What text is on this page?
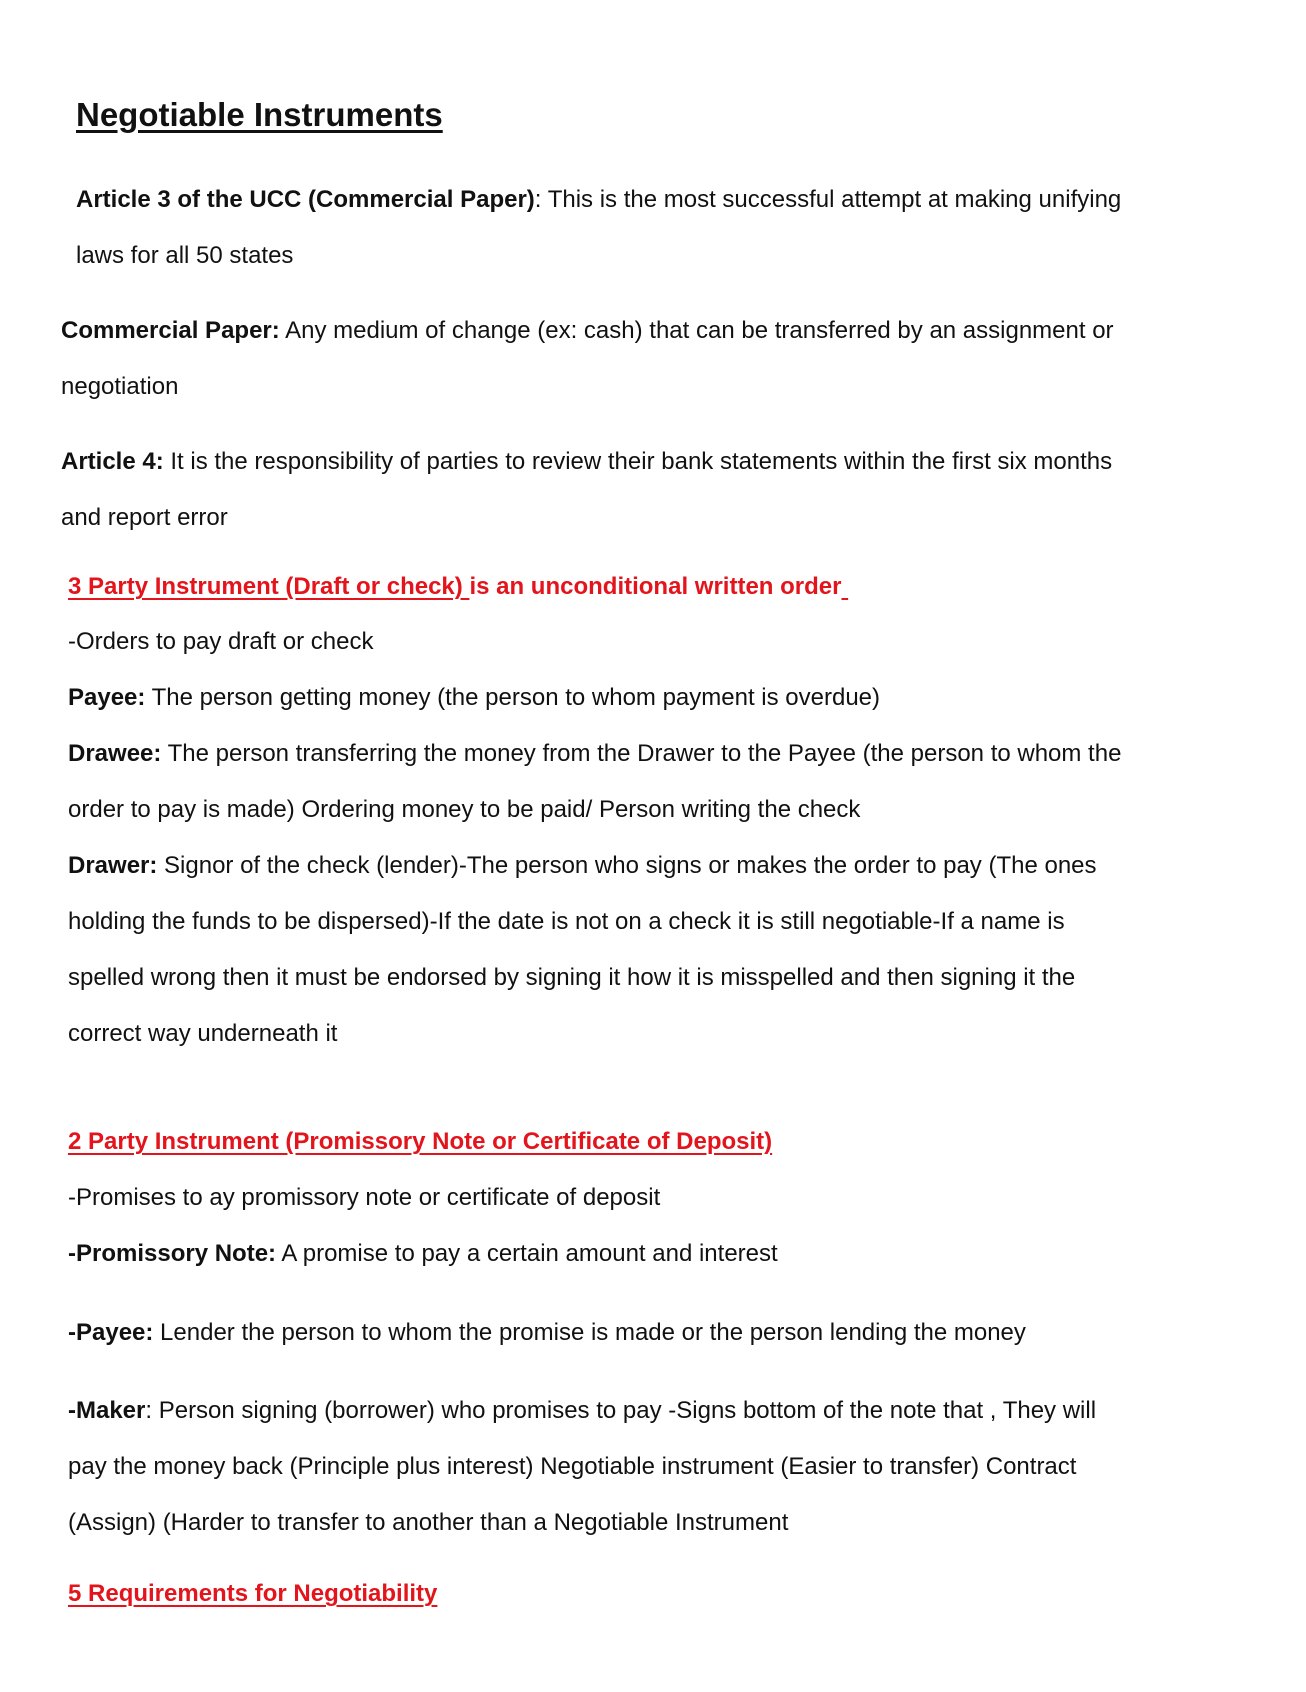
Negotiable Instruments
Article 3 of the UCC (Commercial Paper): This is the most successful attempt at making unifying
laws for all 50 states
Commercial Paper: Any medium of change (ex: cash) that can be transferred by an assignment or
negotiation
Article 4: It is the responsibility of parties to review their bank statements within the first six months
and report error
3 Party Instrument (Draft or check) is an unconditional written order
-Orders to pay draft or check
Payee: The person getting money (the person to whom payment is overdue)
Drawee: The person transferring the money from the Drawer to the Payee (the person to whom the
order to pay is made) Ordering money to be paid/ Person writing the check
Drawer: Signor of the check (lender)-The person who signs or makes the order to pay (The ones
holding the funds to be dispersed)-If the date is not on a check it is still negotiable-If a name is
spelled wrong then it must be endorsed by signing it how it is misspelled and then signing it the
correct way underneath it
2 Party Instrument (Promissory Note or Certificate of Deposit)
-Promises to ay promissory note or certificate of deposit
-Promissory Note: A promise to pay a certain amount and interest
-Payee: Lender the person to whom the promise is made or the person lending the money
-Maker: Person signing (borrower) who promises to pay -Signs bottom of the note that , They will
pay the money back (Principle plus interest) Negotiable instrument (Easier to transfer) Contract
(Assign) (Harder to transfer to another than a Negotiable Instrument
5 Requirements for Negotiability
